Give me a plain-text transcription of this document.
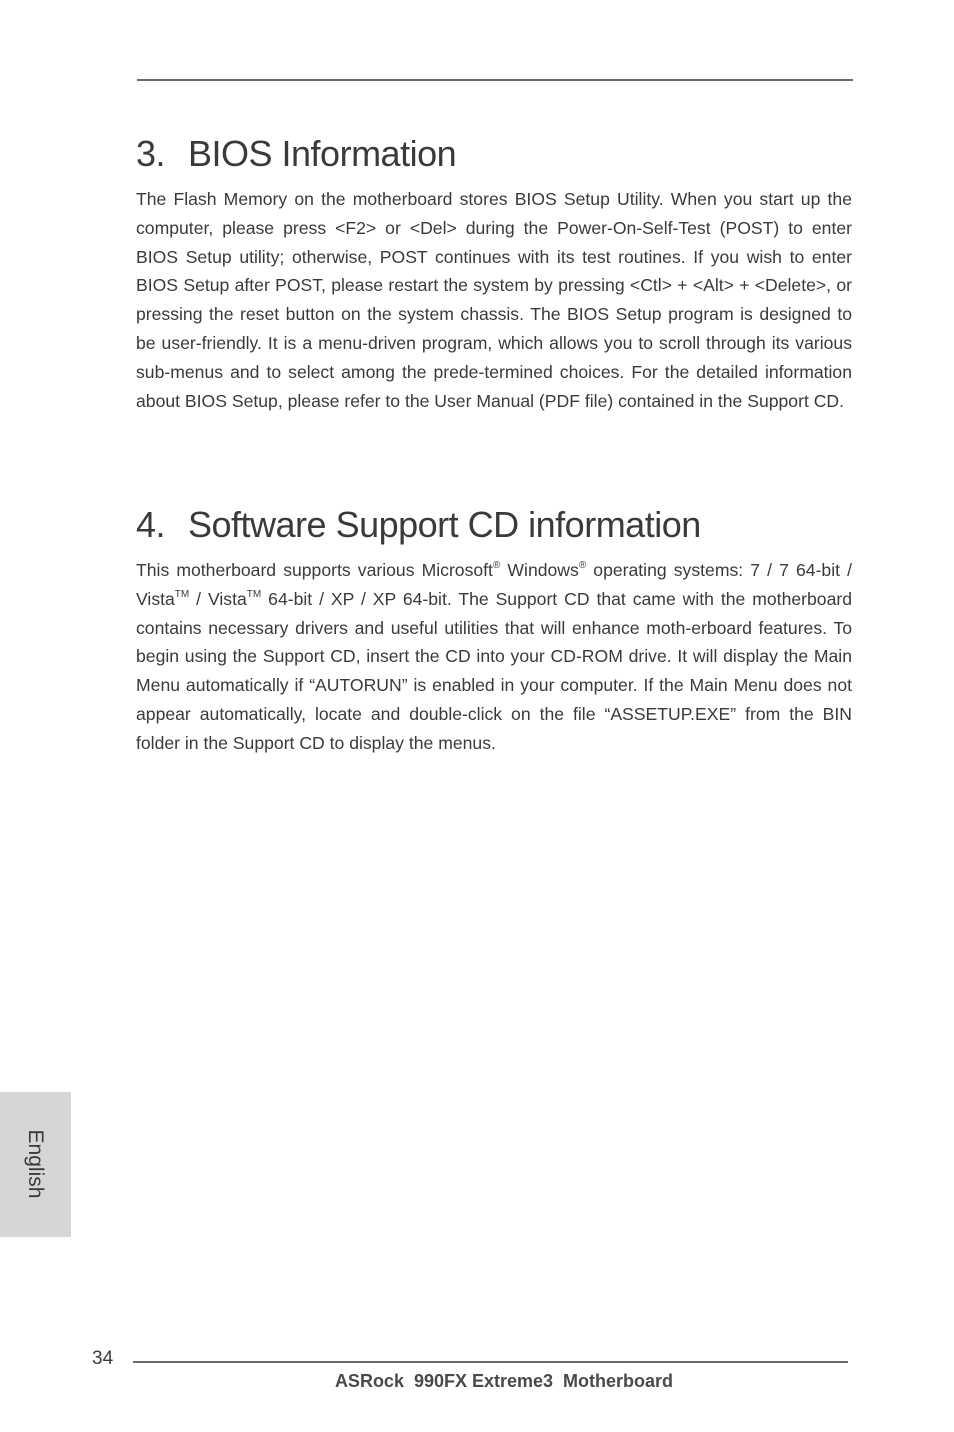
3. BIOS Information

The Flash Memory on the motherboard stores BIOS Setup Utility. When you start up the computer, please press <F2> or <Del> during the Power-On-Self-Test (POST) to enter BIOS Setup utility; otherwise, POST continues with its test routines. If you wish to enter BIOS Setup after POST, please restart the system by pressing <Ctl> + <Alt> + <Delete>, or pressing the reset button on the system chassis. The BIOS Setup program is designed to be user-friendly. It is a menu-driven program, which allows you to scroll through its various sub-menus and to select among the prede-termined choices. For the detailed information about BIOS Setup, please refer to the User Manual (PDF file) contained in the Support CD.

4. Software Support CD information

This motherboard supports various Microsoft® Windows® operating systems: 7 / 7 64-bit / Vista™ / Vista™ 64-bit / XP / XP 64-bit. The Support CD that came with the motherboard contains necessary drivers and useful utilities that will enhance moth-erboard features. To begin using the Support CD, insert the CD into your CD-ROM drive. It will display the Main Menu automatically if “AUTORUN” is enabled in your computer. If the Main Menu does not appear automatically, locate and double-click on the file “ASSETUP.EXE” from the BIN folder in the Support CD to display the menus.

English
34
ASRock  990FX Extreme3  Motherboard
